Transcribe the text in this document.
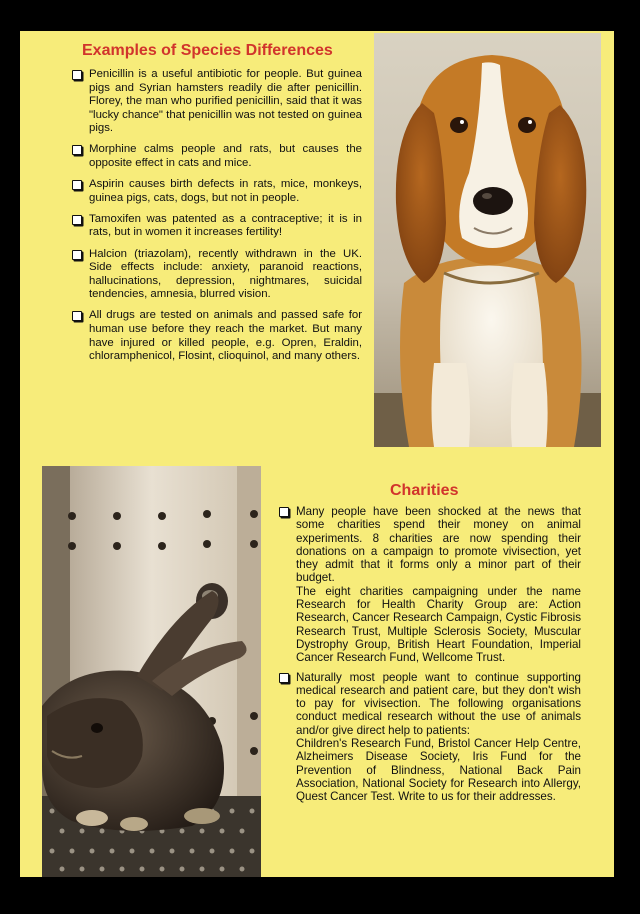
Examples of Species Differences
Penicillin is a useful antibiotic for people. But guinea pigs and Syrian hamsters readily die after penicillin. Florey, the man who purified penicillin, said that it was "lucky chance" that penicillin was not tested on guinea pigs.
Morphine calms people and rats, but causes the opposite effect in cats and mice.
Aspirin causes birth defects in rats, mice, monkeys, guinea pigs, cats, dogs, but not in people.
Tamoxifen was patented as a contraceptive; it is in rats, but in women it increases fertility!
Halcion (triazolam), recently withdrawn in the UK. Side effects include: anxiety, paranoid reactions, hallucinations, depression, nightmares, suicidal tendencies, amnesia, blurred vision.
All drugs are tested on animals and passed safe for human use before they reach the market. But many have injured or killed people, e.g. Opren, Eraldin, chloramphenicol, Flosint, clioquinol, and many others.
Charities
Many people have been shocked at the news that some charities spend their money on animal experiments. 8 charities are now spending their donations on a campaign to promote vivisection, yet they admit that it forms only a minor part of their budget.
The eight charities campaigning under the name Research for Health Charity Group are: Action Research, Cancer Research Campaign, Cystic Fibrosis Research Trust, Multiple Sclerosis Society, Muscular Dystrophy Group, British Heart Foundation, Imperial Cancer Research Fund, Wellcome Trust.
Naturally most people want to continue supporting medical research and patient care, but they don't wish to pay for vivisection. The following organisations conduct medical research without the use of animals and/or give direct help to patients:
Children's Research Fund, Bristol Cancer Help Centre, Alzheimers Disease Society, Iris Fund for the Prevention of Blindness, National Back Pain Association, National Society for Research into Allergy, Quest Cancer Test. Write to us for their addresses.
